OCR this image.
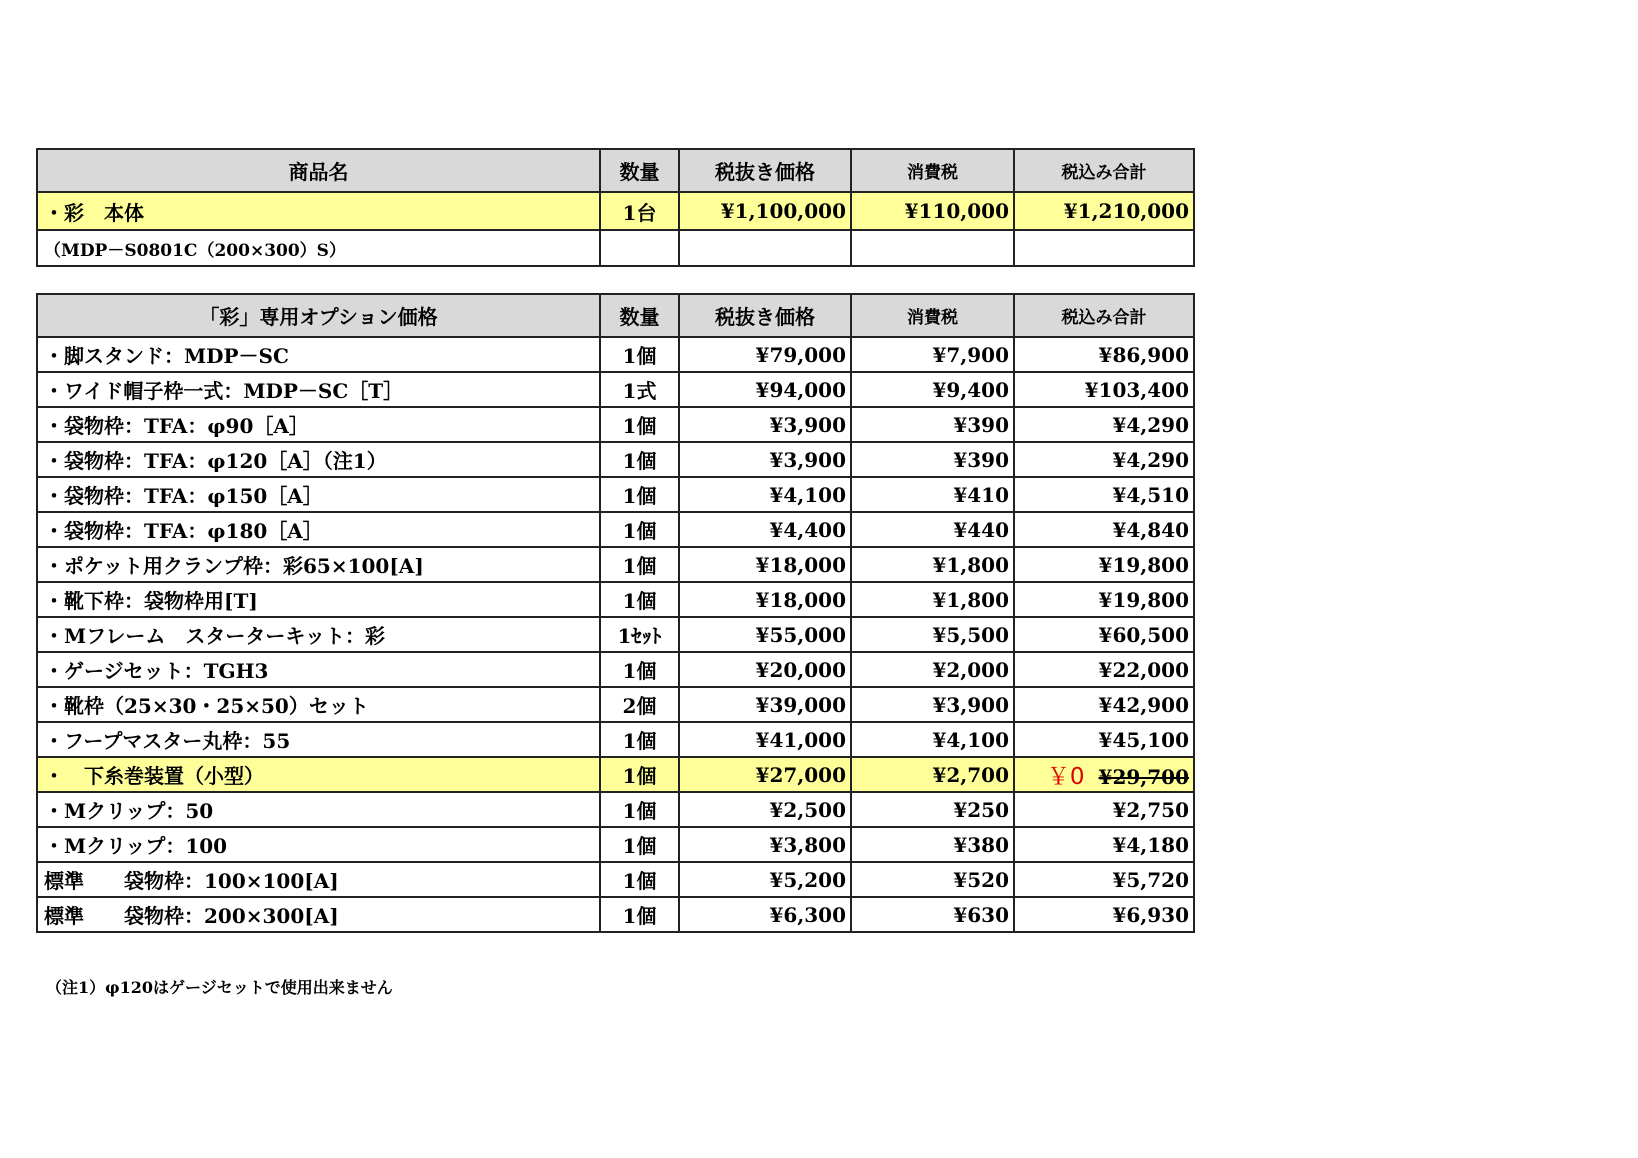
商品名	数量	税抜き価格	消費税	税込み合計
・彩　本体	1台	¥1,100,000	¥110,000	¥1,210,000
（MDP－S0801C（200×300）S）				
「彩」専用オプション価格	数量	税抜き価格	消費税	税込み合計
・脚スタンド：MDP－SC	1個	¥79,000	¥7,900	¥86,900
・ワイド帽子枠一式：MDP－SC［T］	1式	¥94,000	¥9,400	¥103,400
・袋物枠：TFA：φ90［A］	1個	¥3,900	¥390	¥4,290
・袋物枠：TFA：φ120［A］（注1）	1個	¥3,900	¥390	¥4,290
・袋物枠：TFA：φ150［A］	1個	¥4,100	¥410	¥4,510
・袋物枠：TFA：φ180［A］	1個	¥4,400	¥440	¥4,840
・ポケット用クランプ枠：彩65×100[A]	1個	¥18,000	¥1,800	¥19,800
・靴下枠：袋物枠用[T]	1個	¥18,000	¥1,800	¥19,800
・Mフレーム　スターターキット：彩	1ｾｯﾄ	¥55,000	¥5,500	¥60,500
・ゲージセット：TGH3	1個	¥20,000	¥2,000	¥22,000
・靴枠（25×30・25×50）セット	2個	¥39,000	¥3,900	¥42,900
・フープマスター丸枠：55	1個	¥41,000	¥4,100	¥45,100
・　下糸巻装置（小型）	1個	¥27,000	¥2,700	￥0 ¥29,700
・Mクリップ：50	1個	¥2,500	¥250	¥2,750
・Mクリップ：100	1個	¥3,800	¥380	¥4,180
標準　　袋物枠：100×100[A]	1個	¥5,200	¥520	¥5,720
標準　　袋物枠：200×300[A]	1個	¥6,300	¥630	¥6,930
（注1）φ120はゲージセットで使用出来ません
